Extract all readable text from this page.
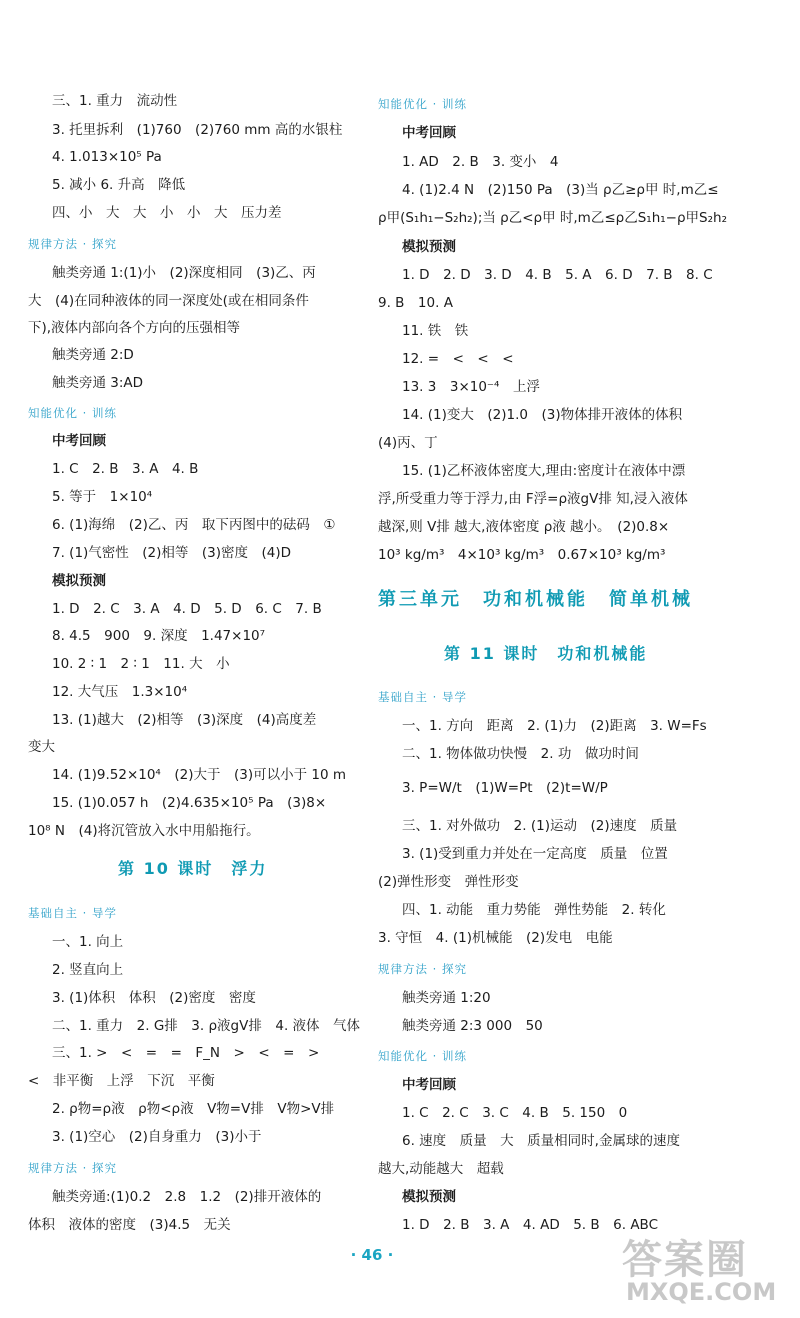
三、1. 重力　流动性
3. 托里拆利　(1)760　(2)760 mm 高的水银柱
4. 1.013×10⁵ Pa
5. 减小 6. 升高　降低
四、小　大　大　小　小　大　压力差
规律方法 · 探究
触类旁通 1:(1)小　(2)深度相同　(3)乙、丙
大　(4)在同种液体的同一深度处(或在相同条件
下),液体内部向各个方向的压强相等
触类旁通 2:D
触类旁通 3:AD
知能优化 · 训练
中考回顾
1. C　2. B　3. A　4. B
5. 等于　1×10⁴
6. (1)海绵　(2)乙、丙　取下丙图中的砝码　①
7. (1)气密性　(2)相等　(3)密度　(4)D
模拟预测
1. D　2. C　3. A　4. D　5. D　6. C　7. B
8. 4.5　900　9. 深度　1.47×10⁷
10. 2 ∶ 1　2 ∶ 1　11. 大　小
12. 大气压　1.3×10⁴
13. (1)越大　(2)相等　(3)深度　(4)高度差
变大
14. (1)9.52×10⁴　(2)大于　(3)可以小于 10 m
15. (1)0.057 h　(2)4.635×10⁵ Pa　(3)8×
10⁸ N　(4)将沉管放入水中用船拖行。
第 10 课时　浮力
基础自主 · 导学
一、1. 向上
2. 竖直向上
3. (1)体积　体积　(2)密度　密度
二、1. 重力　2. G排　3. ρ液gV排　4. 液体　气体
三、1. >　<　=　=　F_N　>　<　=　>
<　非平衡　上浮　下沉　平衡
2. ρ物=ρ液　ρ物<ρ液　V物=V排　V物>V排
3. (1)空心　(2)自身重力　(3)小于
规律方法 · 探究
触类旁通:(1)0.2　2.8　1.2　(2)排开液体的
体积　液体的密度　(3)4.5　无关
知能优化 · 训练
中考回顾
1. AD　2. B　3. 变小　4
4. (1)2.4 N　(2)150 Pa　(3)当 ρ乙≥ρ甲 时,m乙≤
ρ甲(S₁h₁−S₂h₂);当 ρ乙<ρ甲 时,m乙≤ρ乙S₁h₁−ρ甲S₂h₂
模拟预测
1. D　2. D　3. D　4. B　5. A　6. D　7. B　8. C
9. B　10. A
11. 铁　铁
12. =　<　<　<
13. 3　3×10⁻⁴　上浮
14. (1)变大　(2)1.0　(3)物体排开液体的体积
(4)丙、丁
15. (1)乙杯液体密度大,理由:密度计在液体中漂
浮,所受重力等于浮力,由 F浮=ρ液gV排 知,浸入液体
越深,则 V排 越大,液体密度 ρ液 越小。　(2)0.8×
10³ kg/m³　4×10³ kg/m³　0.67×10³ kg/m³
第三单元　功和机械能　简单机械
第 11 课时　功和机械能
基础自主 · 导学
一、1. 方向　距离　2. (1)力　(2)距离　3. W=Fs
二、1. 物体做功快慢　2. 功　做功时间
3. P=W/t　(1)W=Pt　(2)t=W/P
三、1. 对外做功　2. (1)运动　(2)速度　质量
3. (1)受到重力并处在一定高度　质量　位置
(2)弹性形变　弹性形变
四、1. 动能　重力势能　弹性势能　2. 转化
3. 守恒　4. (1)机械能　(2)发电　电能
规律方法 · 探究
触类旁通 1:20
触类旁通 2:3 000　50
知能优化 · 训练
中考回顾
1. C　2. C　3. C　4. B　5. 150　0
6. 速度　质量　大　质量相同时,金属球的速度
越大,动能越大　超载
模拟预测
1. D　2. B　3. A　4. AD　5. B　6. ABC
· 46 ·	答案圈
MXQE.COM
